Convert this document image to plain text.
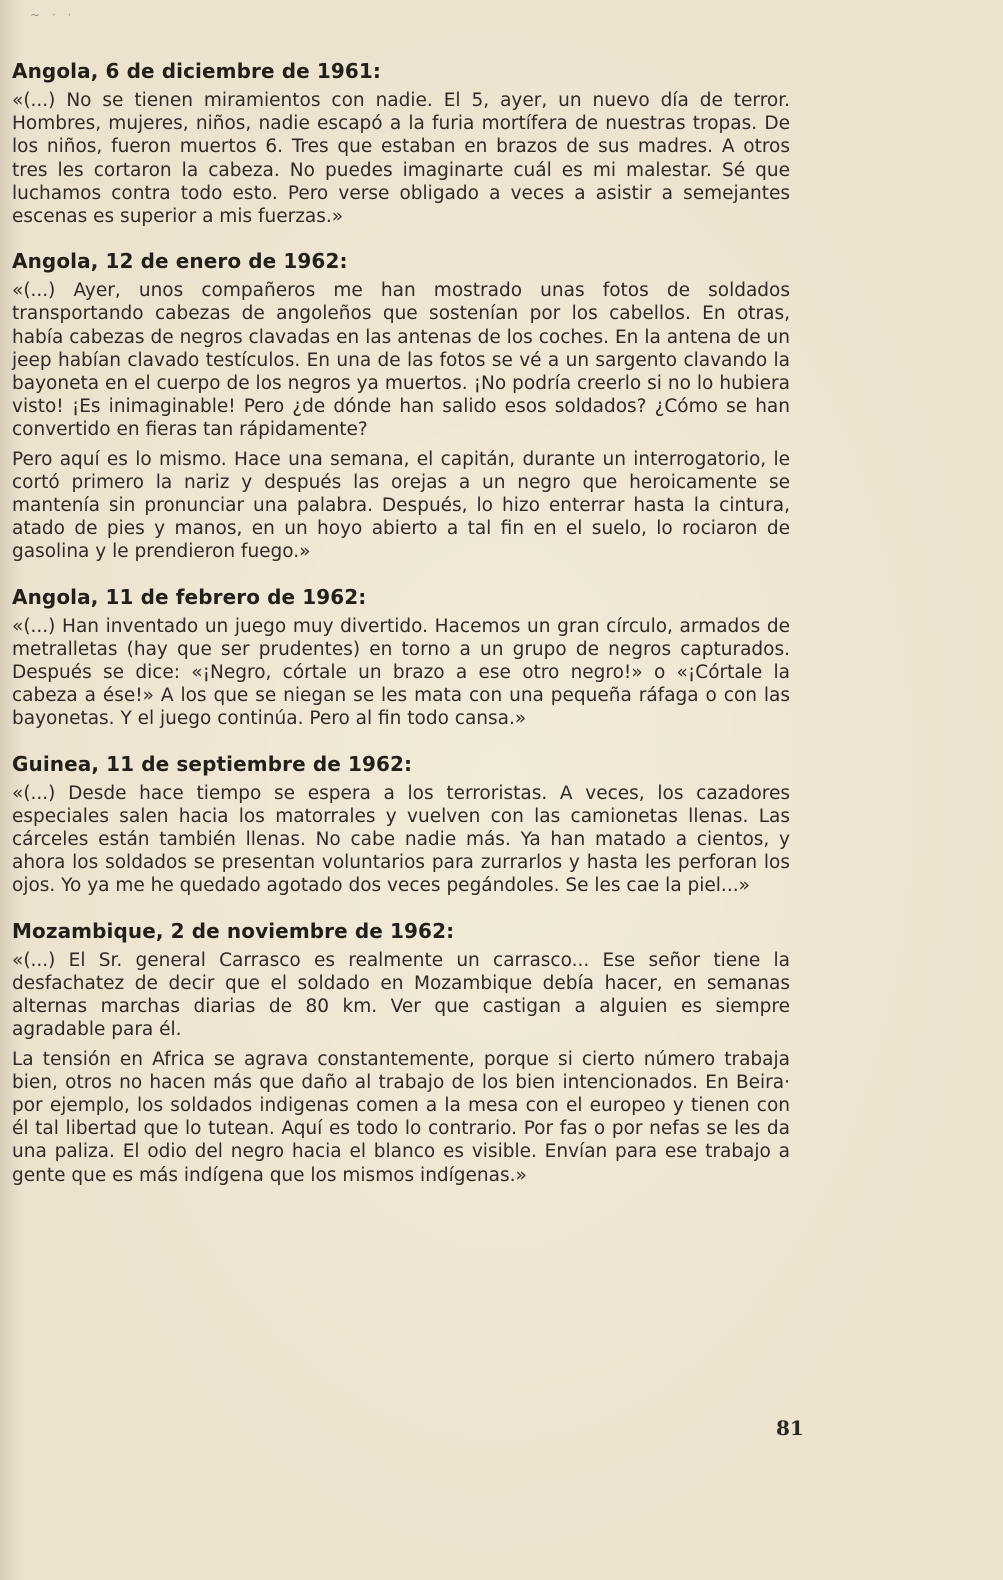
~ · ·
Angola, 6 de diciembre de 1961:

«(...) No se tienen miramientos con nadie. El 5, ayer, un nuevo día de terror. Hombres, mujeres, niños, nadie escapó a la furia mortífera de nuestras tropas. De los niños, fueron muertos 6. Tres que estaban en brazos de sus madres. A otros tres les cortaron la cabeza. No puedes imaginarte cuál es mi malestar. Sé que luchamos contra todo esto. Pero verse obligado a veces a asistir a semejantes escenas es superior a mis fuerzas.»

Angola, 12 de enero de 1962:

«(...) Ayer, unos compañeros me han mostrado unas fotos de soldados transportando cabezas de angoleños que sostenían por los cabellos. En otras, había cabezas de negros clavadas en las antenas de los coches. En la antena de un jeep habían clavado testículos. En una de las fotos se vé a un sargento clavando la bayoneta en el cuerpo de los negros ya muertos. ¡No podría creerlo si no lo hubiera visto! ¡Es inimaginable! Pero ¿de dónde han salido esos soldados? ¿Cómo se han convertido en fieras tan rápidamente?

Pero aquí es lo mismo. Hace una semana, el capitán, durante un interrogatorio, le cortó primero la nariz y después las orejas a un negro que heroicamente se mantenía sin pronunciar una palabra. Después, lo hizo enterrar hasta la cintura, atado de pies y manos, en un hoyo abierto a tal fin en el suelo, lo rociaron de gasolina y le prendieron fuego.»

Angola, 11 de febrero de 1962:

«(...) Han inventado un juego muy divertido. Hacemos un gran círculo, armados de metralletas (hay que ser prudentes) en torno a un grupo de negros capturados. Después se dice: «¡Negro, córtale un brazo a ese otro negro!» o «¡Córtale la cabeza a ése!» A los que se niegan se les mata con una pequeña ráfaga o con las bayonetas. Y el juego continúa. Pero al fin todo cansa.»

Guinea, 11 de septiembre de 1962:

«(...) Desde hace tiempo se espera a los terroristas. A veces, los cazadores especiales salen hacia los matorrales y vuelven con las camionetas llenas. Las cárceles están también llenas. No cabe nadie más. Ya han matado a cientos, y ahora los soldados se presentan voluntarios para zurrarlos y hasta les perforan los ojos. Yo ya me he quedado agotado dos veces pegándoles. Se les cae la piel...»

Mozambique, 2 de noviembre de 1962:

«(...) El Sr. general Carrasco es realmente un carrasco... Ese señor tiene la desfachatez de decir que el soldado en Mozambique debía hacer, en semanas alternas marchas diarias de 80 km. Ver que castigan a alguien es siempre agradable para él.

La tensión en Africa se agrava constantemente, porque si cierto número trabaja bien, otros no hacen más que daño al trabajo de los bien intencionados. En Beira· por ejemplo, los soldados indigenas comen a la mesa con el europeo y tienen con él tal libertad que lo tutean. Aquí es todo lo contrario. Por fas o por nefas se les da una paliza. El odio del negro hacia el blanco es visible. Envían para ese trabajo a gente que es más indígena que los mismos indígenas.»

81
